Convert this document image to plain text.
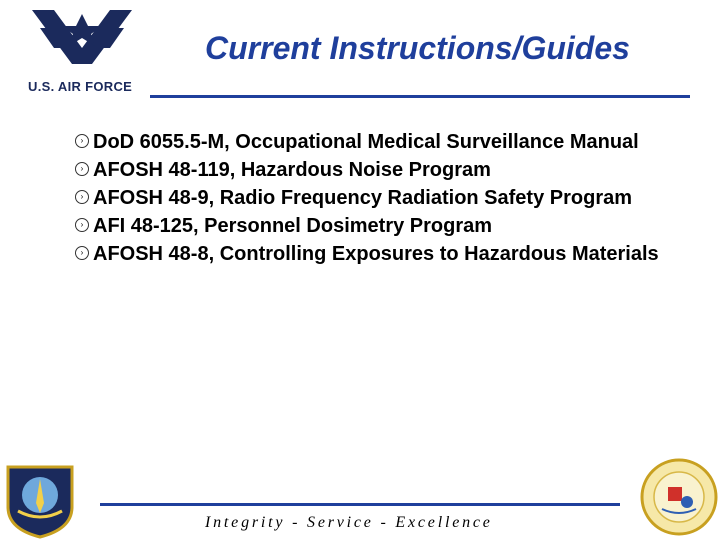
U.S. AIR FORCE
Current Instructions/Guides
› DoD 6055.5-M, Occupational Medical Surveillance Manual
› AFOSH 48-119, Hazardous Noise Program
› AFOSH 48-9, Radio Frequency Radiation Safety Program
› AFI 48-125, Personnel Dosimetry Program
› AFOSH 48-8, Controlling Exposures to Hazardous Materials
Integrity - Service - Excellence
